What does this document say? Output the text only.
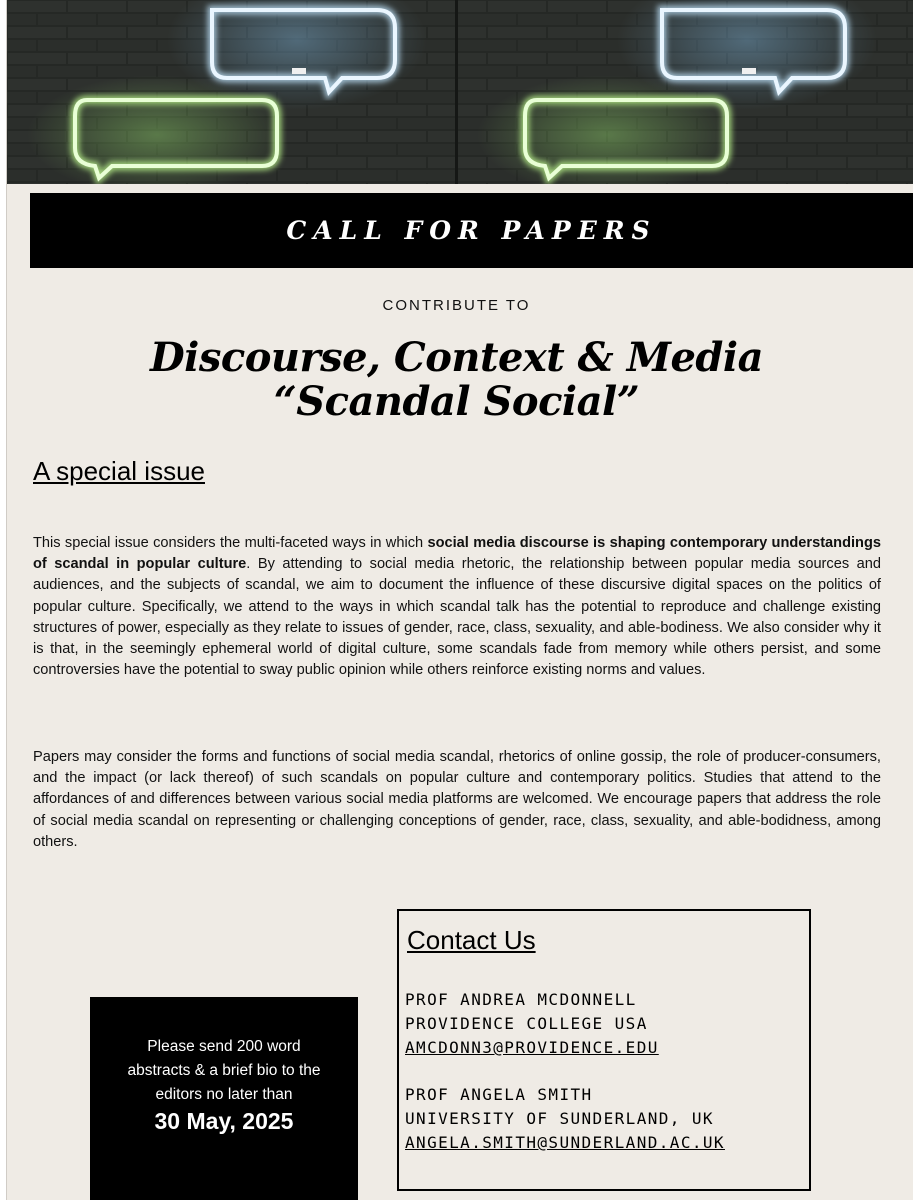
CALL FOR PAPERS
CONTRIBUTE TO
Discourse, Context & Media
“Scandal Social”
A special issue
This special issue considers the multi-faceted ways in which social media discourse is shaping contemporary understandings of scandal in popular culture. By attending to social media rhetoric, the relationship between popular media sources and audiences, and the subjects of scandal, we aim to document the influence of these discursive digital spaces on the politics of popular culture. Specifically, we attend to the ways in which scandal talk has the potential to reproduce and challenge existing structures of power, especially as they relate to issues of gender, race, class, sexuality, and able-bodiness. We also consider why it is that, in the seemingly ephemeral world of digital culture, some scandals fade from memory while others persist, and some controversies have the potential to sway public opinion while others reinforce existing norms and values.
Papers may consider the forms and functions of social media scandal, rhetorics of online gossip, the role of producer-consumers, and the impact (or lack thereof) of such scandals on popular culture and contemporary politics. Studies that attend to the affordances of and differences between various social media platforms are welcomed. We encourage papers that address the role of social media scandal on representing or challenging conceptions of gender, race, class, sexuality, and able-bodidness, among others.
Please send 200 word
abstracts & a brief bio to the
editors no later than
30 May, 2025
Contact Us
PROF ANDREA MCDONNELL
PROVIDENCE COLLEGE USA
AMCDONN3@PROVIDENCE.EDU
PROF ANGELA SMITH
UNIVERSITY OF SUNDERLAND, UK
ANGELA.SMITH@SUNDERLAND.AC.UK
